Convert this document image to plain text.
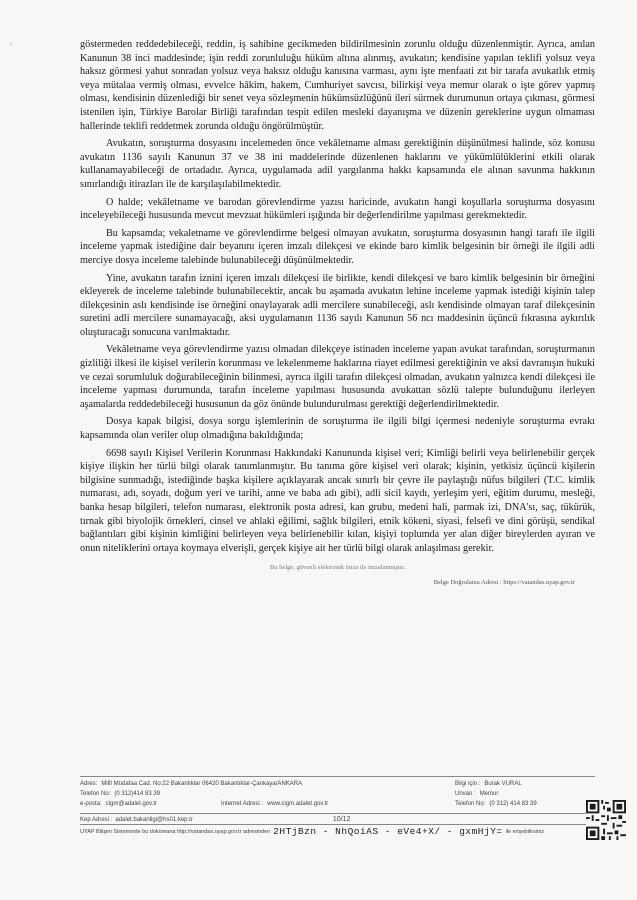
'	göstermeden reddedebileceği, reddin, iş sahibine gecikmeden bildirilmesinin zorunlu olduğu düzenlenmiştir. Ayrıca, anılan Kanunun 38 inci maddesinde; işin reddi zorunluluğu hüküm altına alınmış, avukatın; kendisine yapılan teklifi yolsuz veya haksız görmesi yahut sonradan yolsuz veya haksız olduğu kanısına varması, aynı işte menfaati zıt bir tarafa avukatlık etmiş veya mütalaa vermiş olması, evvelce hâkim, hakem, Cumhuriyet savcısı, bilirkişi veya memur olarak o işte görev yapmış olması, kendisinin düzenlediği bir senet veya sözleşmenin hükümsüzlüğünü ileri sürmek durumunun ortaya çıkması, görmesi istenilen işin, Türkiye Barolar Birliği tarafından tespit edilen mesleki dayanışma ve düzenin gereklerine uygun olmaması hallerinde teklifi reddetmek zorunda olduğu öngörülmüştür.

Avukatın, soruşturma dosyasını incelemeden önce vekâletname alması gerektiğinin düşünülmesi halinde, söz konusu avukatın 1136 sayılı Kanunun 37 ve 38 ini maddelerinde düzenlenen haklarını ve yükümlülüklerini etkili olarak kullanamayabileceği de ortadadır. Ayrıca, uygulamada adil yargılanma hakkı kapsamında ele alınan savunma hakkının sınırlandığı itirazları ile de karşılaşılabilmektedir.

O halde; vekâletname ve barodan görevlendirme yazısı haricinde, avukatın hangi koşullarla soruşturma dosyasını inceleyebileceği hususunda mevcut mevzuat hükümleri ışığında bir değerlendirilme yapılması gerekmektedir.

Bu kapsamda; vekaletname ve görevlendirme belgesi olmayan avukatın, soruşturma dosyasının hangi tarafı ile ilgili inceleme yapmak istediğine dair beyanını içeren imzalı dilekçesi ve ekinde baro kimlik belgesinin bir örneği ile ilgili adli merciye dosya inceleme talebinde bulunabileceği düşünülmektedir.

Yine, avukatın tarafın iznini içeren imzalı dilekçesi ile birlikte, kendi dilekçesi ve baro kimlik belgesinin bir örneğini ekleyerek de inceleme talebinde bulunabilecektir, ancak bu aşamada avukatın lehine inceleme yapmak istediği kişinin talep dilekçesinin aslı kendisinde ise örneğini onaylayarak adli mercilere sunabileceği, aslı kendisinde olmayan taraf dilekçesinin suretini adli mercilere sunamayacağı, aksi uygulamanın 1136 sayılı Kanunun 56 ncı maddesinin üçüncü fıkrasına aykırılık oluşturacağı sonucuna varılmaktadır.

Vekâletname veya görevlendirme yazısı olmadan dilekçeye istinaden inceleme yapan avukat tarafından, soruşturmanın gizliliği ilkesi ile kişisel verilerin korunması ve lekelenmeme haklarına riayet edilmesi gerektiğinin ve aksi davranışın hukuki ve cezai sorumluluk doğurabileceğinin bilinmesi, ayrıca ilgili tarafın dilekçesi olmadan, avukatın yalnızca kendi dilekçesi ile inceleme yapması durumunda, tarafın inceleme yapılması hususunda avukattan sözlü talepte bulunduğunu ilerleyen aşamalarda reddedebileceği hususunun da göz önünde bulundurulması gerektiği değerlendirilmektedir.

Dosya kapak bilgisi, dosya sorgu işlemlerinin de soruşturma ile ilgili bilgi içermesi nedeniyle soruşturma evrakı kapsamında olan veriler olup olmadığına bakıldığında;

6698 sayılı Kişisel Verilerin Korunması Hakkındaki Kanununda kişisel veri; Kimliği belirli veya belirlenebilir gerçek kişiye ilişkin her türlü bilgi olarak tanımlanmıştır. Bu tanıma göre kişisel veri olarak; kişinin, yetkisiz üçüncü kişilerin bilgisine sunmadığı, istediğinde başka kişilere açıklayarak ancak sınırlı bir çevre ile paylaştığı nüfus bilgileri (T.C. kimlik numarası, adı, soyadı, doğum yeri ve tarihi, anne ve baba adı gibi), adli sicil kaydı, yerleşim yeri, eğitim durumu, mesleği, banka hesap bilgileri, telefon numarası, elektronik posta adresi, kan grubu, medeni hali, parmak izi, DNA'sı, saç, tükürük, tırnak gibi biyolojik örnekleri, cinsel ve ahlaki eğilimi, sağlık bilgileri, etnik kökeni, siyasi, felsefi ve dini görüşü, sendikal bağlantıları gibi kişinin kimliğini belirleyen veya belirlenebilir kılan, kişiyi toplumda yer alan diğer bireylerden ayıran ve onun niteliklerini ortaya koymaya elverişli, gerçek kişiye ait her türlü bilgi olarak anlaşılması gerekir.

Bu belge, güvenli elektronik imza ile imzalanmıştır.
Belge Doğrulama Adresi : https://vatandas.uyap.gov.tr
Adres: Millî Müdafaa Cad. No:22 Bakanlıklar 06420 Bakanlıklar-Çankaya/ANKARA
Telefon No: (0 312)414 83 39
e-posta: cigm@adalet.gov.tr	İnternet Adresi : www.cigm.adalet.gov.tr
Bilgi için : Burak VURAL
Unvan : Memur
Telefon No: (0 312) 414 83 39
Kep Adresi : adalet.bakanligi@hs01.kep.tr	10/12
UYAP Bilişim Sisteminde bu dokümana http://vatandas.uyap.gov.tr adresinden 2HTjBzn - NhQoiAS - eVe4+X/ - gxmHjY= ile erişebilirsiniz
